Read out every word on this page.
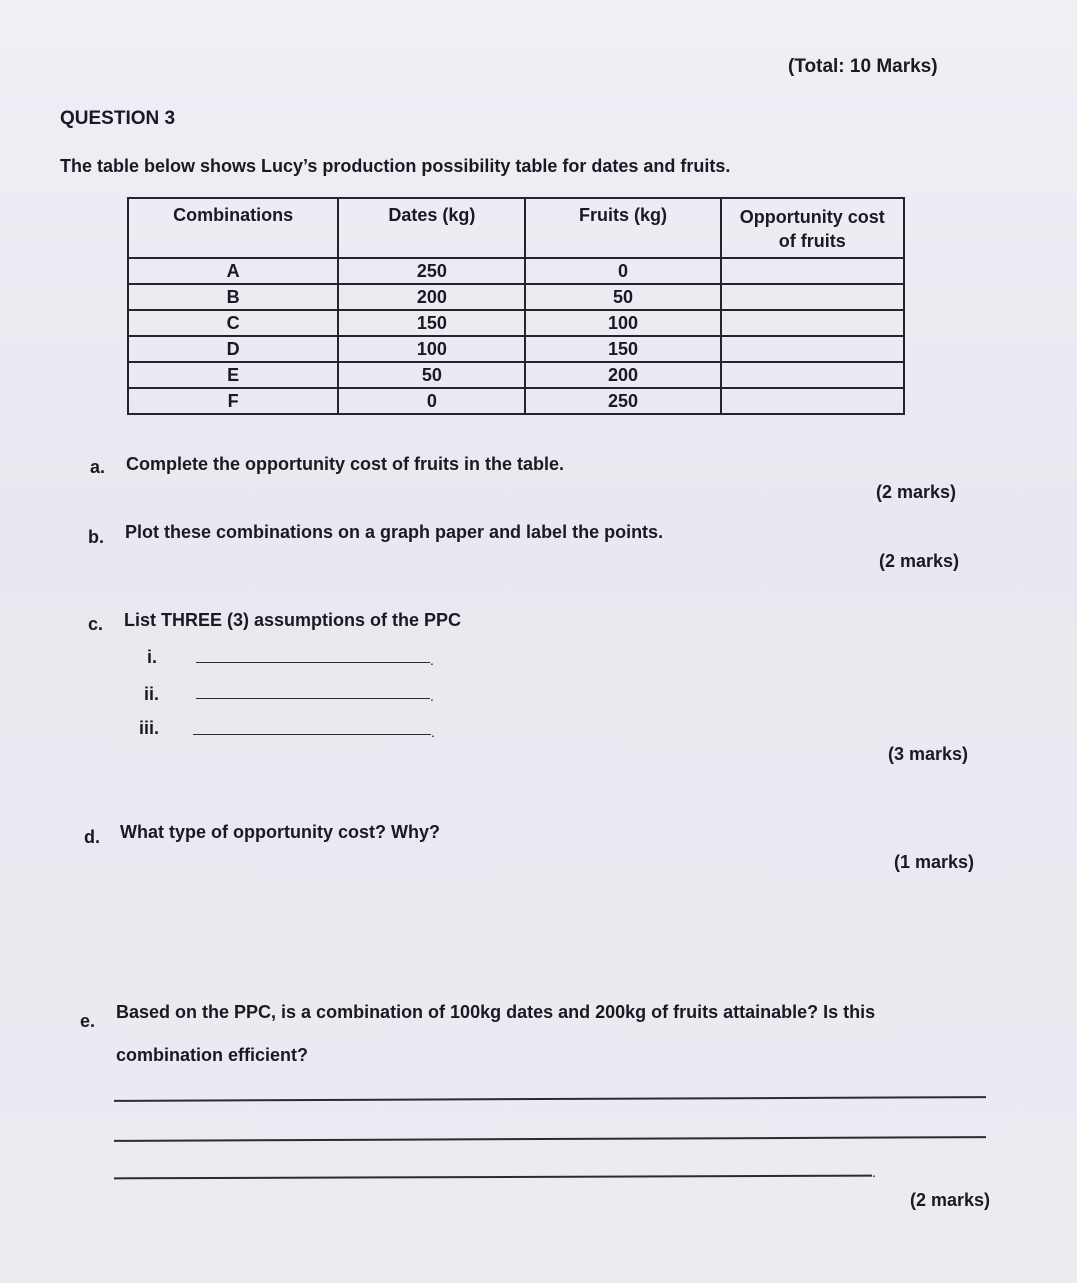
(Total: 10 Marks)
QUESTION 3
The table below shows Lucy’s production possibility table for dates and fruits.
Combinations	Dates (kg)	Fruits (kg)	Opportunity cost of fruits
A	250	0	
B	200	50	
C	150	100	
D	100	150	
E	50	200	
F	0	250	
a. Complete the opportunity cost of fruits in the table.
(2 marks)
b. Plot these combinations on a graph paper and label the points.
(2 marks)
c. List THREE (3) assumptions of the PPC
i.	.
ii.	.
iii.	.
(3 marks)
d. What type of opportunity cost? Why?
(1 marks)
e. Based on the PPC, is a combination of 100kg dates and 200kg of fruits attainable? Is this
combination efficient?
.
(2 marks)
